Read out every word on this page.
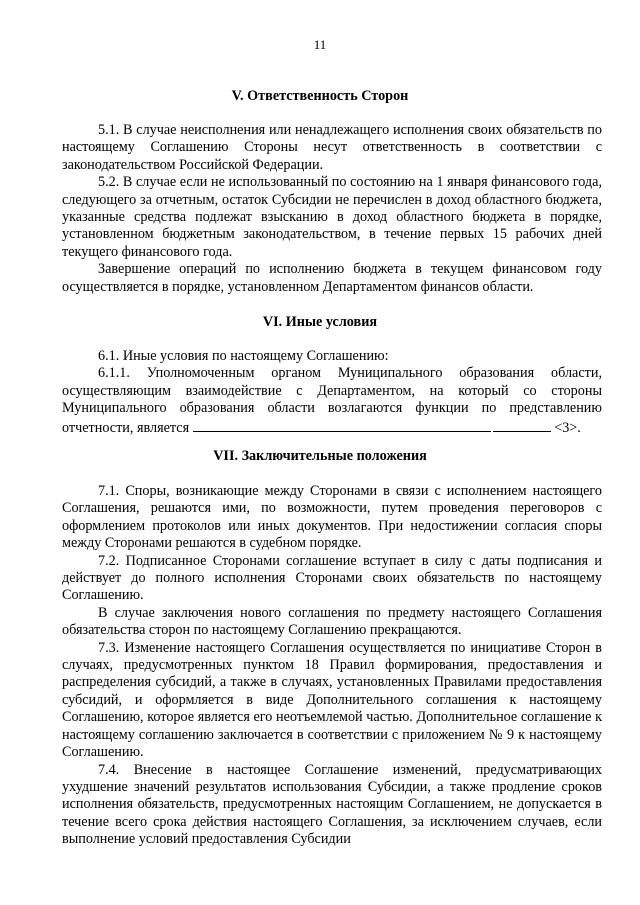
11
V. Ответственность Сторон

5.1. В случае неисполнения или ненадлежащего исполнения своих обязательств по настоящему Соглашению Стороны несут ответственность в соответствии с законодательством Российской Федерации.

5.2. В случае если не использованный по состоянию на 1 января финансового года, следующего за отчетным, остаток Субсидии не перечислен в доход областного бюджета, указанные средства подлежат взысканию в доход областного бюджета в порядке, установленном бюджетным законодательством, в течение первых 15 рабочих дней текущего финансового года.

Завершение операций по исполнению бюджета в текущем финансовом году осуществляется в порядке, установленном Департаментом финансов области.

VI. Иные условия

6.1. Иные условия по настоящему Соглашению:

6.1.1. Уполномоченным органом Муниципального образования области, осуществляющим взаимодействие с Департаментом, на который со стороны Муниципального образования области возлагаются функции по представлению отчетности, является	<3>.

VII. Заключительные положения

7.1. Споры, возникающие между Сторонами в связи с исполнением настоящего Соглашения, решаются ими, по возможности, путем проведения переговоров с оформлением протоколов или иных документов. При недостижении согласия споры между Сторонами решаются в судебном порядке.

7.2. Подписанное Сторонами соглашение вступает в силу с даты подписания и действует до полного исполнения Сторонами своих обязательств по настоящему Соглашению.

В случае заключения нового соглашения по предмету настоящего Соглашения обязательства сторон по настоящему Соглашению прекращаются.

7.3. Изменение настоящего Соглашения осуществляется по инициативе Сторон в случаях, предусмотренных пунктом 18 Правил формирования, предоставления и распределения субсидий, а также в случаях, установленных Правилами предоставления субсидий, и оформляется в виде Дополнительного соглашения к настоящему Соглашению, которое является его неотъемлемой частью. Дополнительное соглашение к настоящему соглашению заключается в соответствии с приложением № 9 к настоящему Соглашению.

7.4. Внесение в настоящее Соглашение изменений, предусматривающих ухудшение значений результатов использования Субсидии, а также продление сроков исполнения обязательств, предусмотренных настоящим Соглашением, не допускается в течение всего срока действия настоящего Соглашения, за исключением случаев, если выполнение условий предоставления Субсидии
